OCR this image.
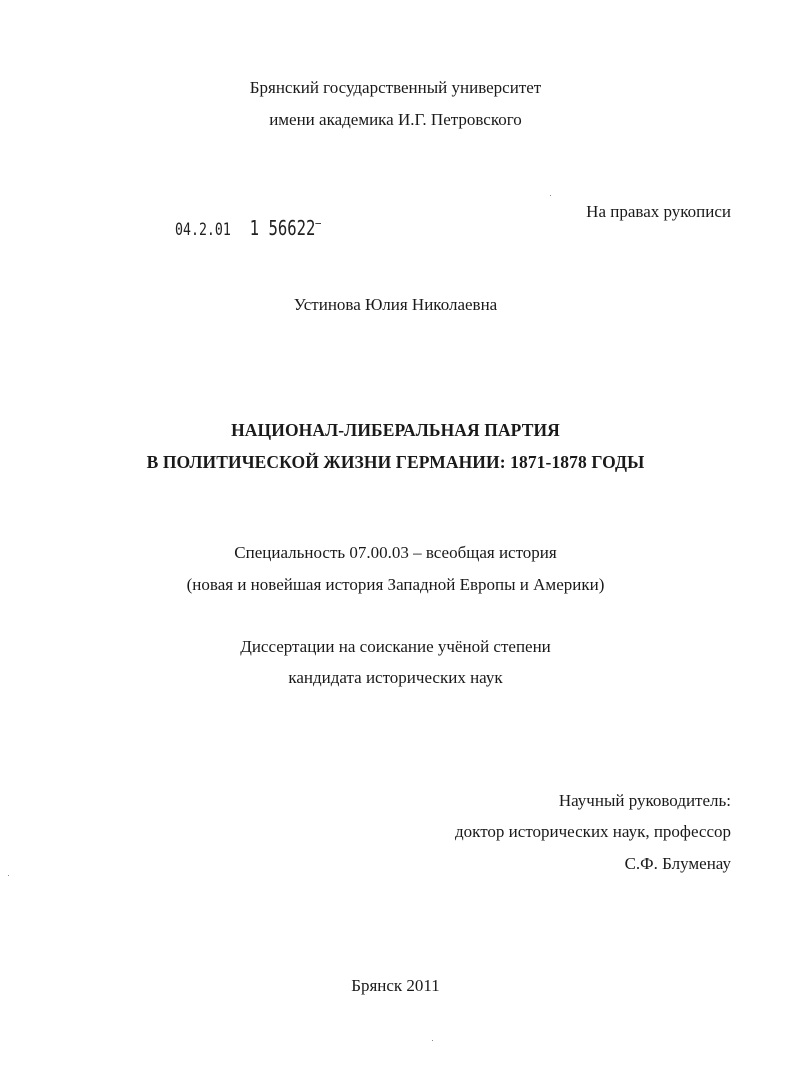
Брянский государственный университет
имени академика И.Г. Петровского
На правах рукописи
04.2.01 1 56622–
Устинова Юлия Николаевна
НАЦИОНАЛ-ЛИБЕРАЛЬНАЯ ПАРТИЯ
В ПОЛИТИЧЕСКОЙ ЖИЗНИ ГЕРМАНИИ: 1871-1878 ГОДЫ
Специальность 07.00.03 – всеобщая история
(новая и новейшая история Западной Европы и Америки)
Диссертации на соискание учёной степени
кандидата исторических наук
Научный руководитель:
доктор исторических наук, профессор
С.Ф. Блуменау
Брянск 2011
